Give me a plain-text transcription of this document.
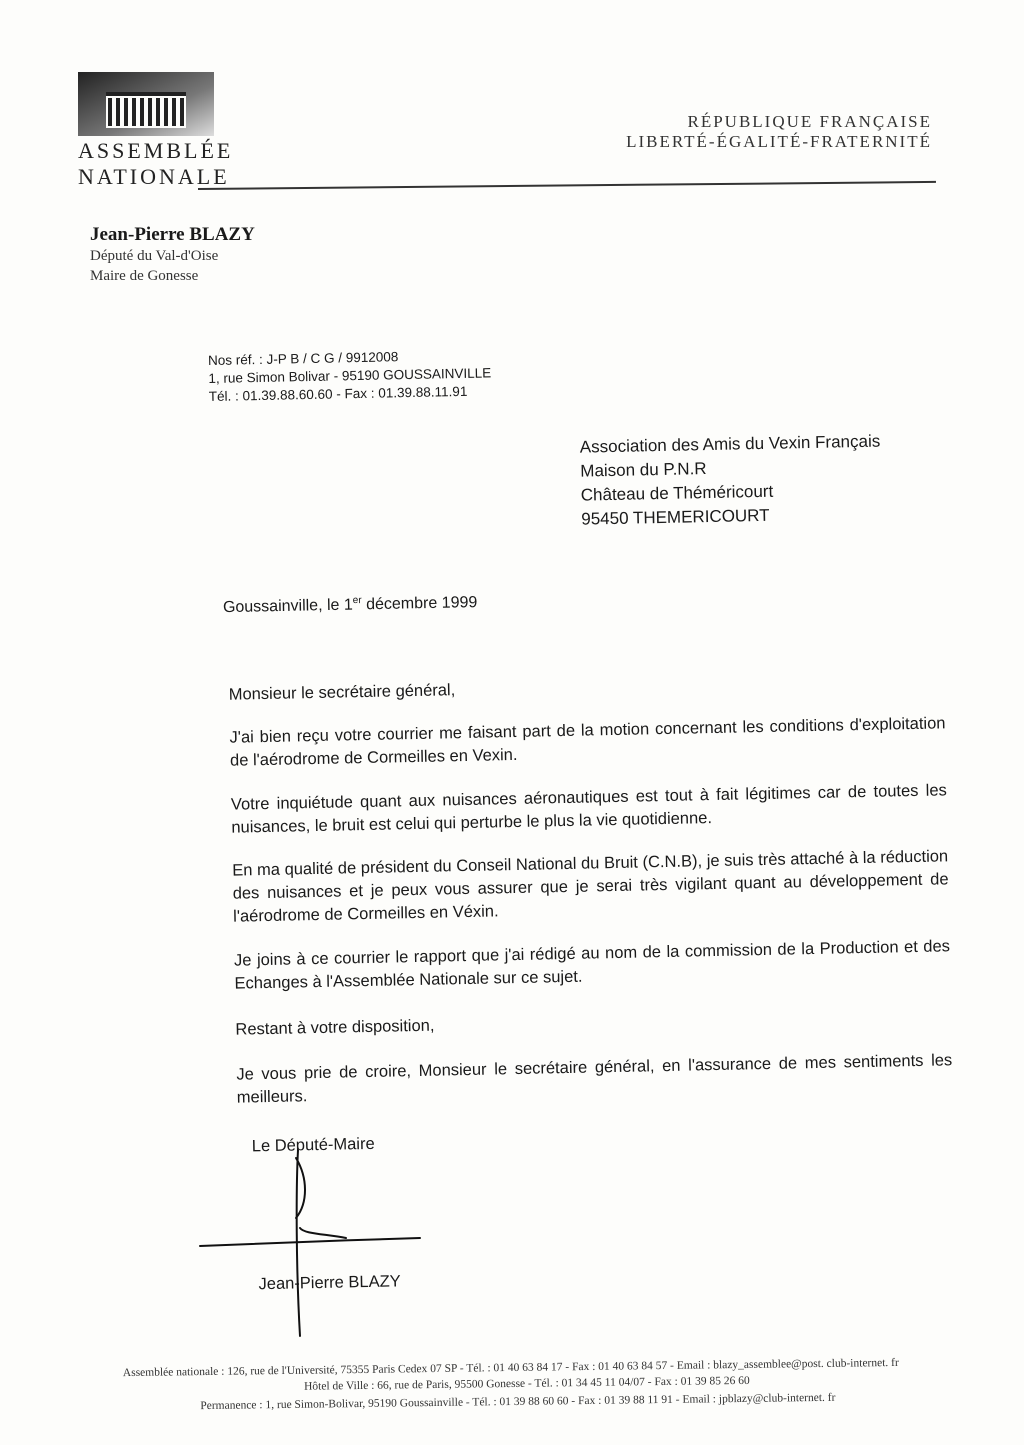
ASSEMBLÉE
NATIONALE
RÉPUBLIQUE FRANÇAISE
LIBERTÉ-ÉGALITÉ-FRATERNITÉ
Jean-Pierre BLAZY
Député du Val-d'Oise
Maire de Gonesse
Nos réf. : J-P B / C G / 9912008
1, rue Simon Bolivar - 95190 GOUSSAINVILLE
Tél. : 01.39.88.60.60 - Fax : 01.39.88.11.91
Association des Amis du Vexin Français
Maison du P.N.R
Château de Théméricourt
95450 THEMERICOURT
Goussainville, le 1er décembre 1999
Monsieur le secrétaire général,
J'ai bien reçu votre courrier me faisant part de la motion concernant les conditions d'exploitation de l'aérodrome de Cormeilles en Vexin.
Votre inquiétude quant aux nuisances aéronautiques est tout à fait légitimes car de toutes les nuisances, le bruit est celui qui perturbe le plus la vie quotidienne.
En ma qualité de président du Conseil National du Bruit (C.N.B), je suis très attaché à la réduction des nuisances et je peux vous assurer que je serai très vigilant quant au développement de l'aérodrome de Cormeilles en Véxin.
Je joins à ce courrier le rapport que j'ai rédigé au nom de la commission de la Production et des Echanges à l'Assemblée Nationale sur ce sujet.
Restant à votre disposition,
Je vous prie de croire, Monsieur le secrétaire général, en l'assurance de mes sentiments les meilleurs.
Le Député-Maire
Jean-Pierre BLAZY
Assemblée nationale : 126, rue de l'Université, 75355 Paris Cedex 07 SP - Tél. : 01 40 63 84 17 - Fax : 01 40 63 84 57 - Email : blazy_assemblee@post. club-internet. fr
Hôtel de Ville : 66, rue de Paris, 95500 Gonesse - Tél. : 01 34 45 11 04/07 - Fax : 01 39 85 26 60
Permanence : 1, rue Simon-Bolivar, 95190 Goussainville - Tél. : 01 39 88 60 60 - Fax : 01 39 88 11 91 - Email : jpblazy@club-internet. fr
